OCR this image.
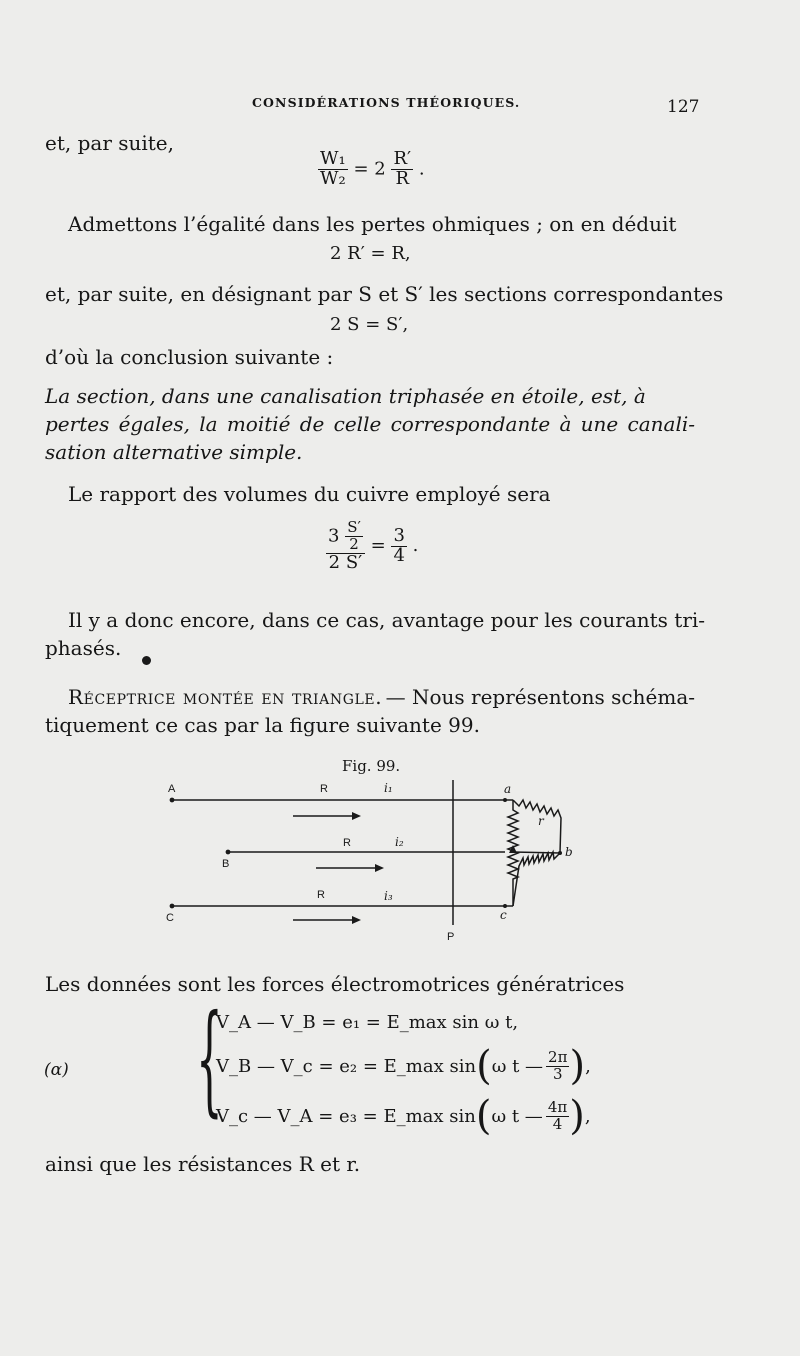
CONSIDÉRATIONS THÉORIQUES.	127
et, par suite,
$\frac{\text{W₁}}{\text{W₂}} = 2 \frac{R'}{R}$ .
Admettons l’égalité dans les pertes ohmiques ; on en déduit
2 R′ = R,
et, par suite, en désignant par S et S′ les sections correspondantes
2 S = S′,
d’où la conclusion suivante :
La section, dans une canalisation triphasée en étoile, est, à
pertes égales, la moitié de celle correspondante à une canali-
sation alternative simple.
Le rapport des volumes du cuivre employé sera
$\frac{3 \frac{S'}{2}}{2 S'} = \frac{3}{4}$ .
Il y a donc encore, dans ce cas, avantage pour les courants tri-
phasés.
Réceptrice montée en triangle. — Nous représentons schéma-
tiquement ce cas par la figure suivante 99.
Fig. 99.
A
B
C
R
R
R
P
i₁
i₂
i₃
a
b
c
r
Les données sont les forces électromotrices génératrices
(α) {
V_A — V_B = e₁ = E_max sin ω t,
V_B — V_c = e₂ = E_max sin ( ω t — $\frac{2\pi}{3}$ ) ,
V_c — V_A = e₃ = E_max sin ( ω t — $\frac{4\pi}{4}$ ) ,
ainsi que les résistances R et r.
